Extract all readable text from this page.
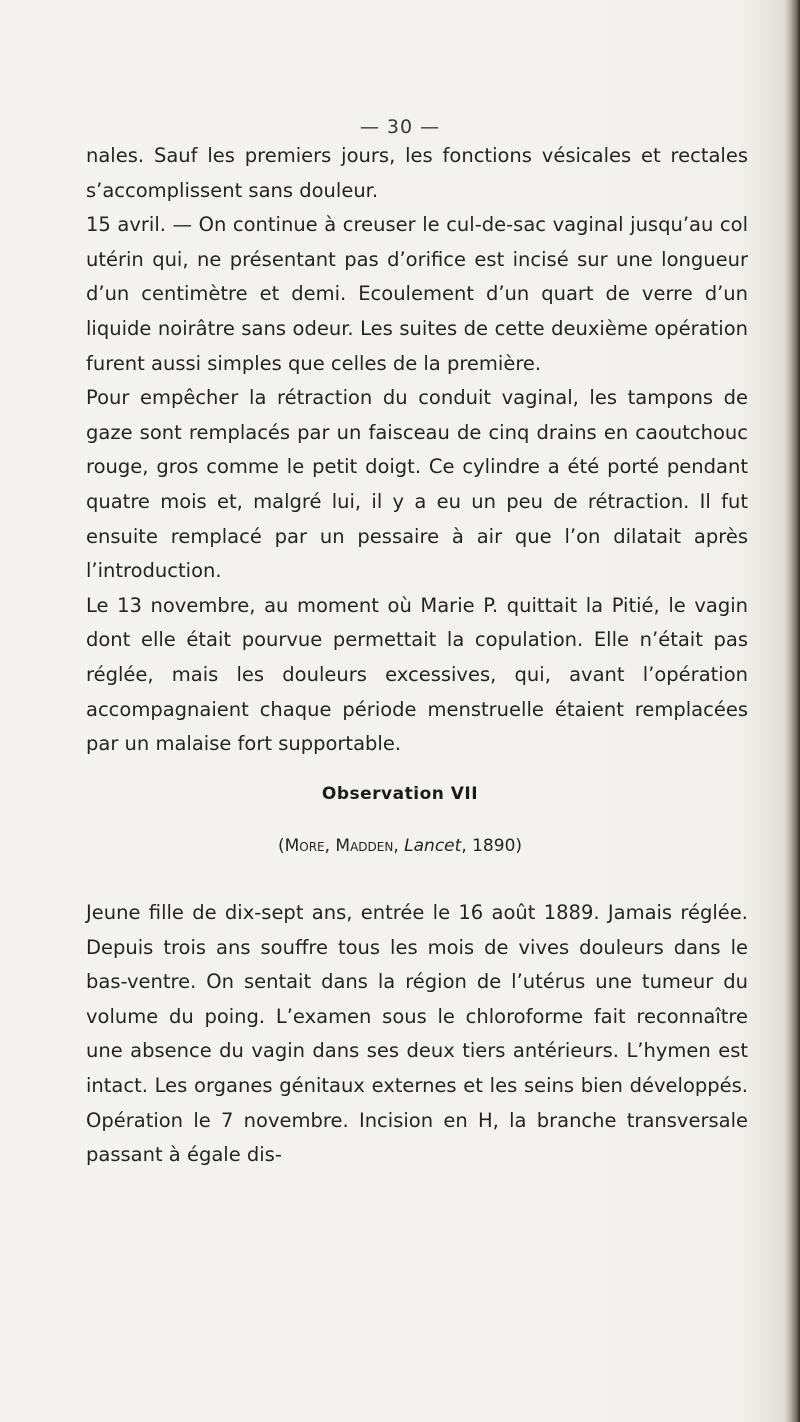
— 30 —

nales. Sauf les premiers jours, les fonctions vésicales et rectales s’accomplissent sans douleur.

15 avril. — On continue à creuser le cul-de-sac vaginal jusqu’au col utérin qui, ne présentant pas d’orifice est incisé sur une longueur d’un centimètre et demi. Ecoulement d’un quart de verre d’un liquide noirâtre sans odeur. Les suites de cette deuxième opération furent aussi simples que celles de la première.

Pour empêcher la rétraction du conduit vaginal, les tampons de gaze sont remplacés par un faisceau de cinq drains en caoutchouc rouge, gros comme le petit doigt. Ce cylindre a été porté pendant quatre mois et, malgré lui, il y a eu un peu de rétraction. Il fut ensuite remplacé par un pessaire à air que l’on dilatait après l’introduction.

Le 13 novembre, au moment où Marie P. quittait la Pitié, le vagin dont elle était pourvue permettait la copulation. Elle n’était pas réglée, mais les douleurs excessives, qui, avant l’opération accompagnaient chaque période menstruelle étaient remplacées par un malaise fort supportable.

Observation VII
(More, Madden, Lancet, 1890)

Jeune fille de dix-sept ans, entrée le 16 août 1889. Jamais réglée. Depuis trois ans souffre tous les mois de vives douleurs dans le bas-ventre. On sentait dans la région de l’utérus une tumeur du volume du poing. L’examen sous le chloroforme fait reconnaître une absence du vagin dans ses deux tiers antérieurs. L’hymen est intact. Les organes génitaux externes et les seins bien développés. Opération le 7 novembre. Incision en H, la branche transversale passant à égale dis-
